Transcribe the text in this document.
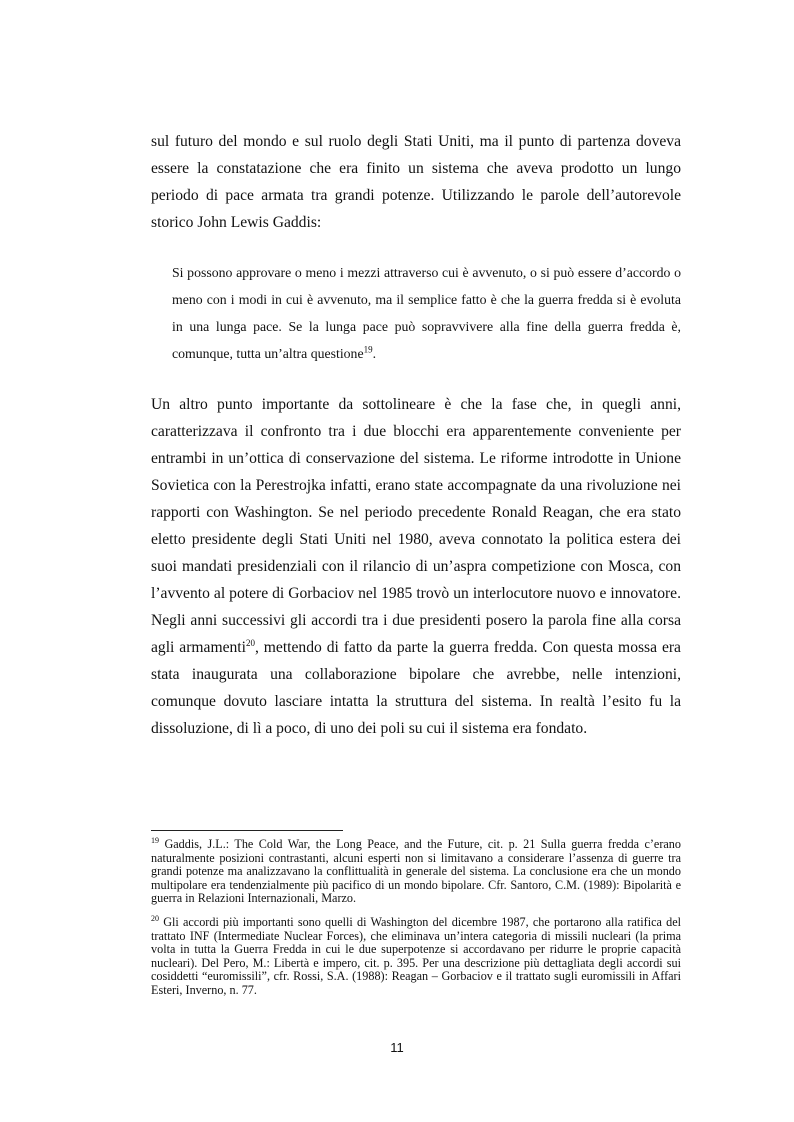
sul futuro del mondo e sul ruolo degli Stati Uniti, ma il punto di partenza doveva essere la constatazione che era finito un sistema che aveva prodotto un lungo periodo di pace armata tra grandi potenze. Utilizzando le parole dell’autorevole storico John Lewis Gaddis:

Si possono approvare o meno i mezzi attraverso cui è avvenuto, o si può essere d’accordo o meno con i modi in cui è avvenuto, ma il semplice fatto è che la guerra fredda si è evoluta in una lunga pace. Se la lunga pace può sopravvivere alla fine della guerra fredda è, comunque, tutta un’altra questione$^{19}$.

Un altro punto importante da sottolineare è che la fase che, in quegli anni, caratterizzava il confronto tra i due blocchi era apparentemente conveniente per entrambi in un’ottica di conservazione del sistema. Le riforme introdotte in Unione Sovietica con la Perestrojka infatti, erano state accompagnate da una rivoluzione nei rapporti con Washington. Se nel periodo precedente Ronald Reagan, che era stato eletto presidente degli Stati Uniti nel 1980, aveva connotato la politica estera dei suoi mandati presidenziali con il rilancio di un’aspra competizione con Mosca, con l’avvento al potere di Gorbaciov nel 1985 trovò un interlocutore nuovo e innovatore. Negli anni successivi gli accordi tra i due presidenti posero la parola fine alla corsa agli armamenti$^{20}$, mettendo di fatto da parte la guerra fredda. Con questa mossa era stata inaugurata una collaborazione bipolare che avrebbe, nelle intenzioni, comunque dovuto lasciare intatta la struttura del sistema. In realtà l’esito fu la dissoluzione, di lì a poco, di uno dei poli su cui il sistema era fondato.

$^{19}$ Gaddis, J.L.: The Cold War, the Long Peace, and the Future, cit. p. 21 Sulla guerra fredda c’erano naturalmente posizioni contrastanti, alcuni esperti non si limitavano a considerare l’assenza di guerre tra grandi potenze ma analizzavano la conflittualità in generale del sistema. La conclusione era che un mondo multipolare era tendenzialmente più pacifico di un mondo bipolare. Cfr. Santoro, C.M. (1989): Bipolarità e guerra in Relazioni Internazionali, Marzo.

$^{20}$ Gli accordi più importanti sono quelli di Washington del dicembre 1987, che portarono alla ratifica del trattato INF (Intermediate Nuclear Forces), che eliminava un’intera categoria di missili nucleari (la prima volta in tutta la Guerra Fredda in cui le due superpotenze si accordavano per ridurre le proprie capacità nucleari). Del Pero, M.: Libertà e impero, cit. p. 395. Per una descrizione più dettagliata degli accordi sui cosiddetti “euromissili”, cfr. Rossi, S.A. (1988): Reagan – Gorbaciov e il trattato sugli euromissili in Affari Esteri, Inverno, n. 77.

11
